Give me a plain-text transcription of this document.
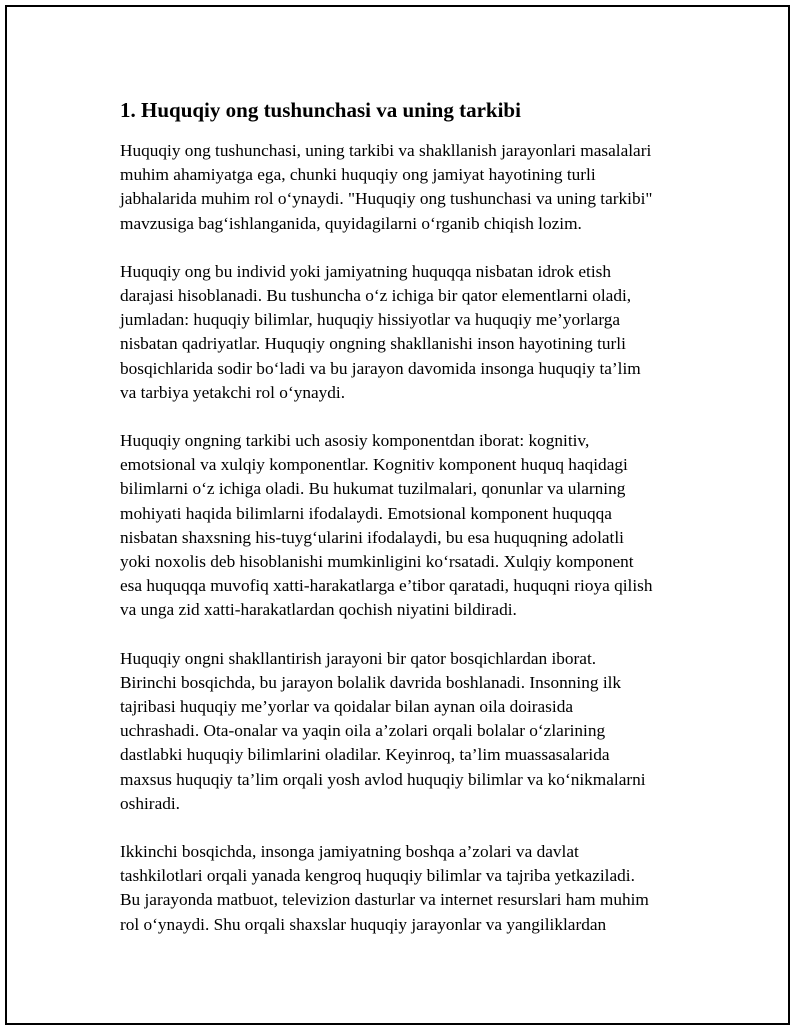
1. Huquqiy ong tushunchasi va uning tarkibi

Huquqiy ong tushunchasi, uning tarkibi va shakllanish jarayonlari masalalari
muhim ahamiyatga ega, chunki huquqiy ong jamiyat hayotining turli
jabhalarida muhim rol o‘ynaydi. "Huquqiy ong tushunchasi va uning tarkibi"
mavzusiga bag‘ishlanganida, quyidagilarni o‘rganib chiqish lozim.

Huquqiy ong bu individ yoki jamiyatning huquqqa nisbatan idrok etish
darajasi hisoblanadi. Bu tushuncha o‘z ichiga bir qator elementlarni oladi,
jumladan: huquqiy bilimlar, huquqiy hissiyotlar va huquqiy me’yorlarga
nisbatan qadriyatlar. Huquqiy ongning shakllanishi inson hayotining turli
bosqichlarida sodir bo‘ladi va bu jarayon davomida insonga huquqiy ta’lim
va tarbiya yetakchi rol o‘ynaydi.

Huquqiy ongning tarkibi uch asosiy komponentdan iborat: kognitiv,
emotsional va xulqiy komponentlar. Kognitiv komponent huquq haqidagi
bilimlarni o‘z ichiga oladi. Bu hukumat tuzilmalari, qonunlar va ularning
mohiyati haqida bilimlarni ifodalaydi. Emotsional komponent huquqqa
nisbatan shaxsning his-tuyg‘ularini ifodalaydi, bu esa huquqning adolatli
yoki noxolis deb hisoblanishi mumkinligini ko‘rsatadi. Xulqiy komponent
esa huquqqa muvofiq xatti-harakatlarga e’tibor qaratadi, huquqni rioya qilish
va unga zid xatti-harakatlardan qochish niyatini bildiradi.

Huquqiy ongni shakllantirish jarayoni bir qator bosqichlardan iborat.
Birinchi bosqichda, bu jarayon bolalik davrida boshlanadi. Insonning ilk
tajribasi huquqiy me’yorlar va qoidalar bilan aynan oila doirasida
uchrashadi. Ota-onalar va yaqin oila a’zolari orqali bolalar o‘zlarining
dastlabki huquqiy bilimlarini oladilar. Keyinroq, ta’lim muassasalarida
maxsus huquqiy ta’lim orqali yosh avlod huquqiy bilimlar va ko‘nikmalarni
oshiradi.

Ikkinchi bosqichda, insonga jamiyatning boshqa a’zolari va davlat
tashkilotlari orqali yanada kengroq huquqiy bilimlar va tajriba yetkaziladi.
Bu jarayonda matbuot, televizion dasturlar va internet resurslari ham muhim
rol o‘ynaydi. Shu orqali shaxslar huquqiy jarayonlar va yangiliklardan
